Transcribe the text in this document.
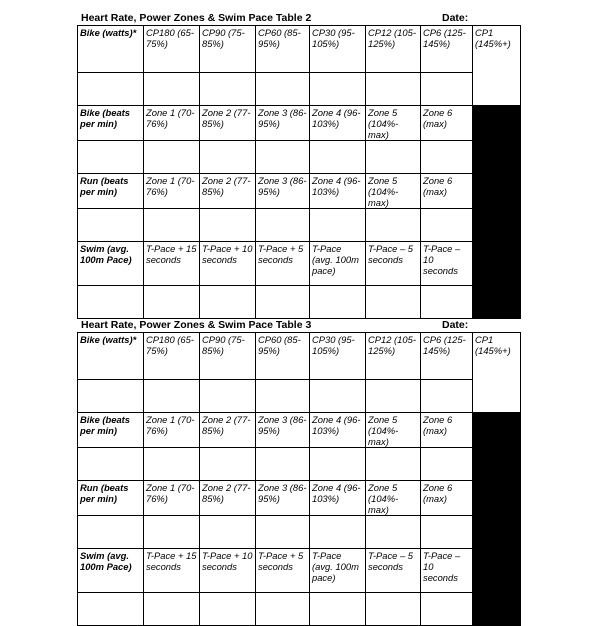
Heart Rate, Power Zones & Swim Pace Table 2	Date:
Bike (watts)*	CP180 (65-75%)	CP90 (75-85%)	CP60 (85-95%)	CP30 (95-105%)	CP12 (105-125%)	CP6 (125-145%)	CP1 (145%+)

Bike (beats per min)	Zone 1 (70-76%)	Zone 2 (77-85%)	Zone 3 (86-95%)	Zone 4 (96-103%)	Zone 5 (104%-max)	Zone 6 (max)	

Run (beats per min)	Zone 1 (70-76%)	Zone 2 (77-85%)	Zone 3 (86-95%)	Zone 4 (96-103%)	Zone 5 (104%-max)	Zone 6 (max)	

Swim (avg. 100m Pace)	T-Pace + 15 seconds	T-Pace + 10 seconds	T-Pace + 5 seconds	T-Pace (avg. 100m pace)	T-Pace – 5 seconds	T-Pace – 10 seconds	

Heart Rate, Power Zones & Swim Pace Table 3	Date:
Bike (watts)*	CP180 (65-75%)	CP90 (75-85%)	CP60 (85-95%)	CP30 (95-105%)	CP12 (105-125%)	CP6 (125-145%)	CP1 (145%+)

Bike (beats per min)	Zone 1 (70-76%)	Zone 2 (77-85%)	Zone 3 (86-95%)	Zone 4 (96-103%)	Zone 5 (104%-max)	Zone 6 (max)	

Run (beats per min)	Zone 1 (70-76%)	Zone 2 (77-85%)	Zone 3 (86-95%)	Zone 4 (96-103%)	Zone 5 (104%-max)	Zone 6 (max)	

Swim (avg. 100m Pace)	T-Pace + 15 seconds	T-Pace + 10 seconds	T-Pace + 5 seconds	T-Pace (avg. 100m pace)	T-Pace – 5 seconds	T-Pace – 10 seconds	
